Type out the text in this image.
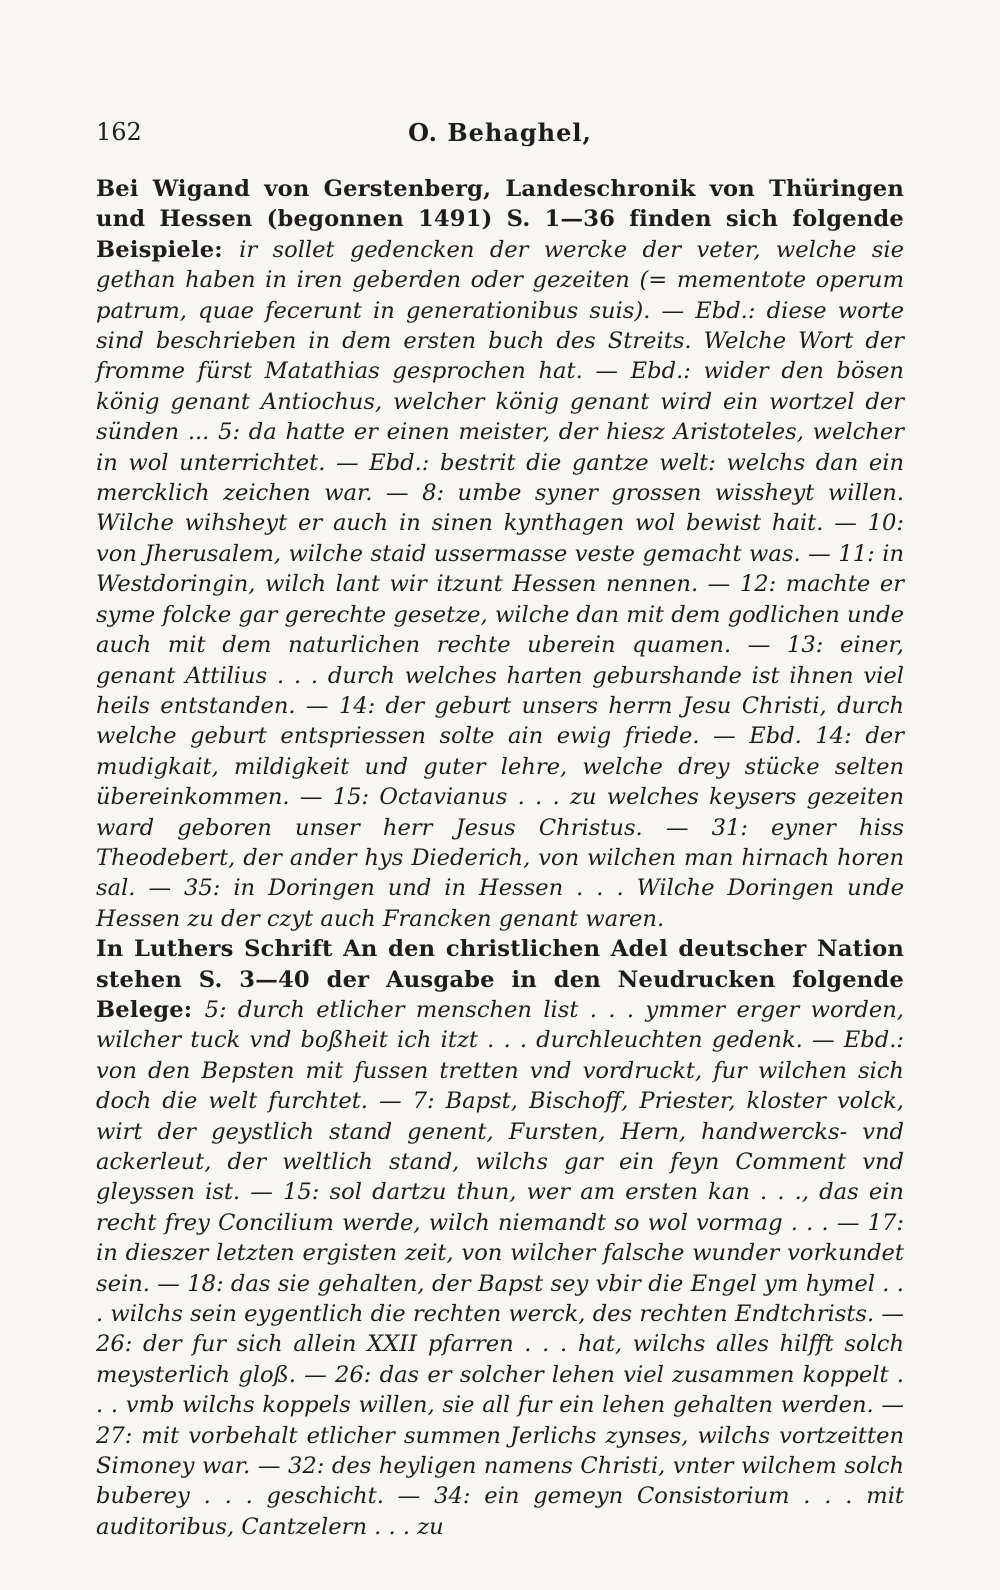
162	O. Behaghel,

Bei Wigand von Gerstenberg, Landeschronik von Thüringen und Hessen (begonnen 1491) S. 1—36 finden sich folgende Beispiele: ir sollet gedencken der wercke der veter, welche sie gethan haben in iren geberden oder gezeiten (= mementote operum patrum, quae fecerunt in generationibus suis). — Ebd.: diese worte sind beschrieben in dem ersten buch des Streits. Welche Wort der fromme fürst Matathias gesprochen hat. — Ebd.: wider den bösen könig genant Antiochus, welcher könig genant wird ein wortzel der sünden ... 5: da hatte er einen meister, der hiesz Aristoteles, welcher in wol unterrichtet. — Ebd.: bestrit die gantze welt: welchs dan ein mercklich zeichen war. — 8: umbe syner grossen wissheyt willen. Wilche wihsheyt er auch in sinen kynthagen wol bewist hait. — 10: von Jherusalem, wilche staid ussermasse veste gemacht was. — 11: in Westdoringin, wilch lant wir itzunt Hessen nennen. — 12: machte er syme folcke gar gerechte gesetze, wilche dan mit dem godlichen unde auch mit dem naturlichen rechte uberein quamen. — 13: einer, genant Attilius . . . durch welches harten geburshande ist ihnen viel heils entstanden. — 14: der geburt unsers herrn Jesu Christi, durch welche geburt entspriessen solte ain ewig friede. — Ebd. 14: der mudigkait, mildigkeit und guter lehre, welche drey stücke selten übereinkommen. — 15: Octavianus . . . zu welches keysers gezeiten ward geboren unser herr Jesus Christus. — 31: eyner hiss Theodebert, der ander hys Diederich, von wilchen man hirnach horen sal. — 35: in Doringen und in Hessen . . . Wilche Doringen unde Hessen zu der czyt auch Francken genant waren.

In Luthers Schrift An den christlichen Adel deutscher Nation stehen S. 3—40 der Ausgabe in den Neudrucken folgende Belege: 5: durch etlicher menschen list . . . ymmer erger worden, wilcher tuck vnd boßheit ich itzt . . . durchleuchten gedenk. — Ebd.: von den Bepsten mit fussen tretten vnd vordruckt, fur wilchen sich doch die welt furchtet. — 7: Bapst, Bischoff, Priester, kloster volck, wirt der geystlich stand genent, Fursten, Hern, handwercks- vnd ackerleut, der weltlich stand, wilchs gar ein feyn Comment vnd gleyssen ist. — 15: sol dartzu thun, wer am ersten kan . . ., das ein recht frey Concilium werde, wilch niemandt so wol vormag . . . — 17: in dieszer letzten ergisten zeit, von wilcher falsche wunder vorkundet sein. — 18: das sie gehalten, der Bapst sey vbir die Engel ym hymel . . . wilchs sein eygentlich die rechten werck, des rechten Endtchrists. — 26: der fur sich allein XXII pfarren . . . hat, wilchs alles hilfft solch meysterlich gloß. — 26: das er solcher lehen viel zusammen koppelt . . . vmb wilchs koppels willen, sie all fur ein lehen gehalten werden. — 27: mit vorbehalt etlicher summen Jerlichs zynses, wilchs vortzeitten Simoney war. — 32: des heyligen namens Christi, vnter wilchem solch buberey . . . geschicht. — 34: ein gemeyn Consistorium . . . mit auditoribus, Cantzelern . . . zu
